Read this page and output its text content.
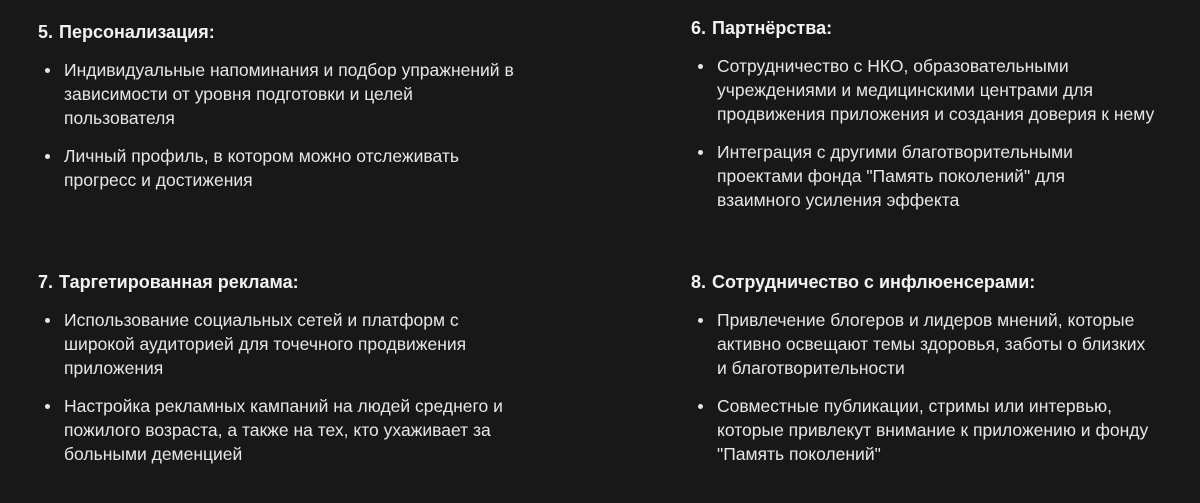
5. Персонализация:
Индивидуальные напоминания и подбор упражнений в зависимости от уровня подготовки и целей пользователя
Личный профиль, в котором можно отслеживать прогресс и достижения
6. Партнёрства:
Сотрудничество с НКО, образовательными учреждениями и медицинскими центрами для продвижения приложения и создания доверия к нему
Интеграция с другими благотворительными проектами фонда "Память поколений" для взаимного усиления эффекта
7. Таргетированная реклама:
Использование социальных сетей и платформ с широкой аудиторией для точечного продвижения приложения
Настройка рекламных кампаний на людей среднего и пожилого возраста, а также на тех, кто ухаживает за больными деменцией
8. Сотрудничество с инфлюенсерами:
Привлечение блогеров и лидеров мнений, которые активно освещают темы здоровья, заботы о близких и благотворительности
Совместные публикации, стримы или интервью, которые привлекут внимание к приложению и фонду "Память поколений"
